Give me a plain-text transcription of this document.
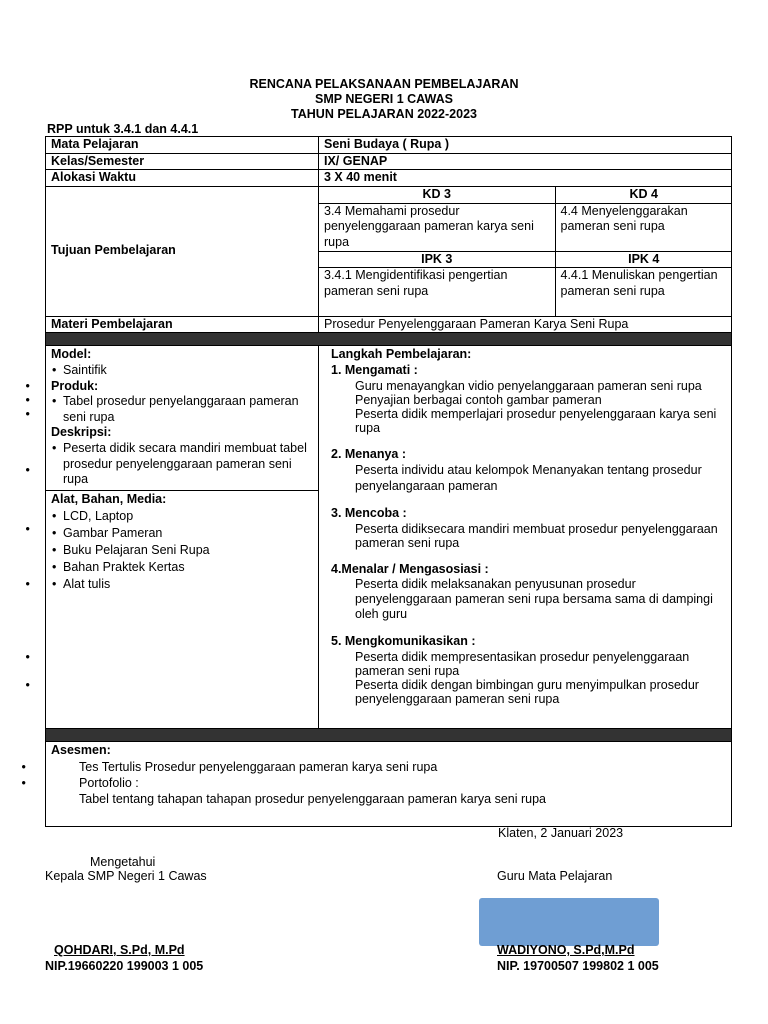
RENCANA PELAKSANAAN PEMBELAJARAN
SMP NEGERI 1 CAWAS
TAHUN PELAJARAN 2022-2023
RPP untuk 3.4.1 dan 4.4.1
Mata Pelajaran	Seni Budaya ( Rupa )
Kelas/Semester	IX/ GENAP
Alokasi Waktu	3 X 40 menit
Tujuan Pembelajaran	
KD 3	KD 4
3.4 Memahami prosedur penyelenggaraan pameran karya seni rupa	4.4 Menyelenggarakan pameran seni rupa
IPK 3	IPK 4
3.4.1 Mengidentifikasi pengertian pameran seni rupa	4.4.1 Menuliskan pengertian pameran seni rupa

Materi Pembelajaran	Prosedur Penyelenggaraan Pameran Karya Seni Rupa

Model:
• Saintifik
Produk:
• Tabel prosedur penyelanggaraan pameran seni rupa
Deskripsi:
• Peserta didik secara mandiri membuat tabel prosedur penyelenggaraan pameran seni rupa
Alat, Bahan, Media:
• LCD, Laptop
• Gambar Pameran
• Buku Pelajaran Seni Rupa
• Bahan Praktek Kertas
• Alat tulis

Langkah Pembelajaran:
1. Mengamati :
• Guru menayangkan vidio penyelanggaraan pameran seni rupa
• Penyajian berbagai contoh gambar pameran
• Peserta didik memperlajari prosedur penyelenggaraan karya seni rupa
2. Menanya :
• Peserta individu atau kelompok Menanyakan tentang prosedur penyelangaraan pameran
3. Mencoba :
• Peserta didiksecara mandiri membuat prosedur penyelenggaraan pameran seni rupa
4.Menalar / Mengasosiasi :
• Peserta didik melaksanakan penyusunan prosedur penyelenggaraan pameran seni rupa bersama sama di dampingi oleh guru
5. Mengkomunikasikan :
• Peserta didik mempresentasikan prosedur penyelenggaraan pameran seni rupa
• Peserta didik dengan bimbingan guru menyimpulkan prosedur penyelenggaraan pameran seni rupa

Asesmen:
• Tes Tertulis Prosedur penyelenggaraan pameran karya seni rupa
• Portofolio :
Tabel tentang tahapan tahapan prosedur penyelenggaraan pameran karya seni rupa
Klaten, 2 Januari 2023
Mengetahui
Kepala SMP Negeri 1 Cawas	Guru Mata Pelajaran
QOHDARI, S.Pd, M.Pd
NIP.19660220 199003 1 005
WADIYONO, S.Pd,M.Pd
NIP. 19700507 199802 1 005
